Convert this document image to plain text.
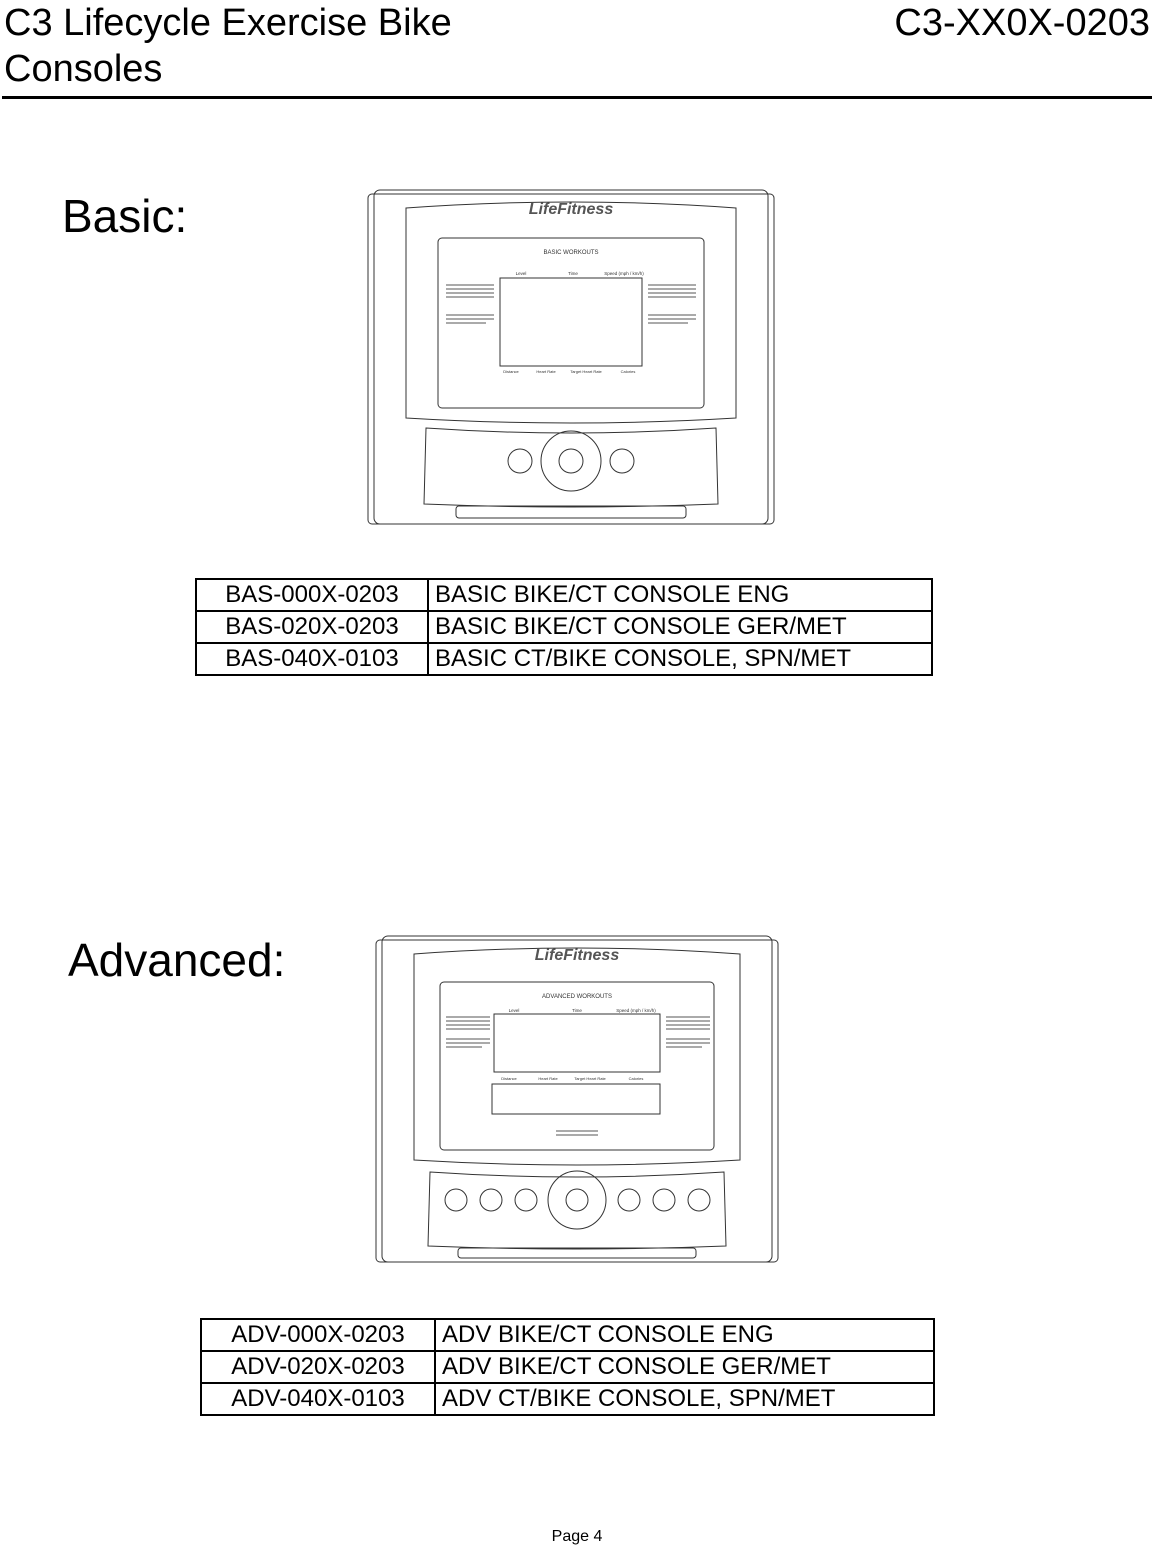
C3 Lifecycle Exercise Bike
Consoles
C3-XX0X-0203
Basic:	LifeFitness
BASIC WORKOUTS
Level	Time	Speed (mph / km/h)
Distance	Heart Rate	Target Heart Rate	Calories
BAS-000X-0203	BASIC BIKE/CT CONSOLE ENG
BAS-020X-0203	BASIC BIKE/CT CONSOLE GER/MET
BAS-040X-0103	BASIC CT/BIKE CONSOLE, SPN/MET
Advanced:	LifeFitness
ADVANCED WORKOUTS
Level	Time	Speed (mph / km/h)
Distance	Heart Rate	Target Heart Rate	Calories
ADV-000X-0203	ADV BIKE/CT CONSOLE ENG
ADV-020X-0203	ADV BIKE/CT CONSOLE GER/MET
ADV-040X-0103	ADV CT/BIKE CONSOLE, SPN/MET
Page 4
